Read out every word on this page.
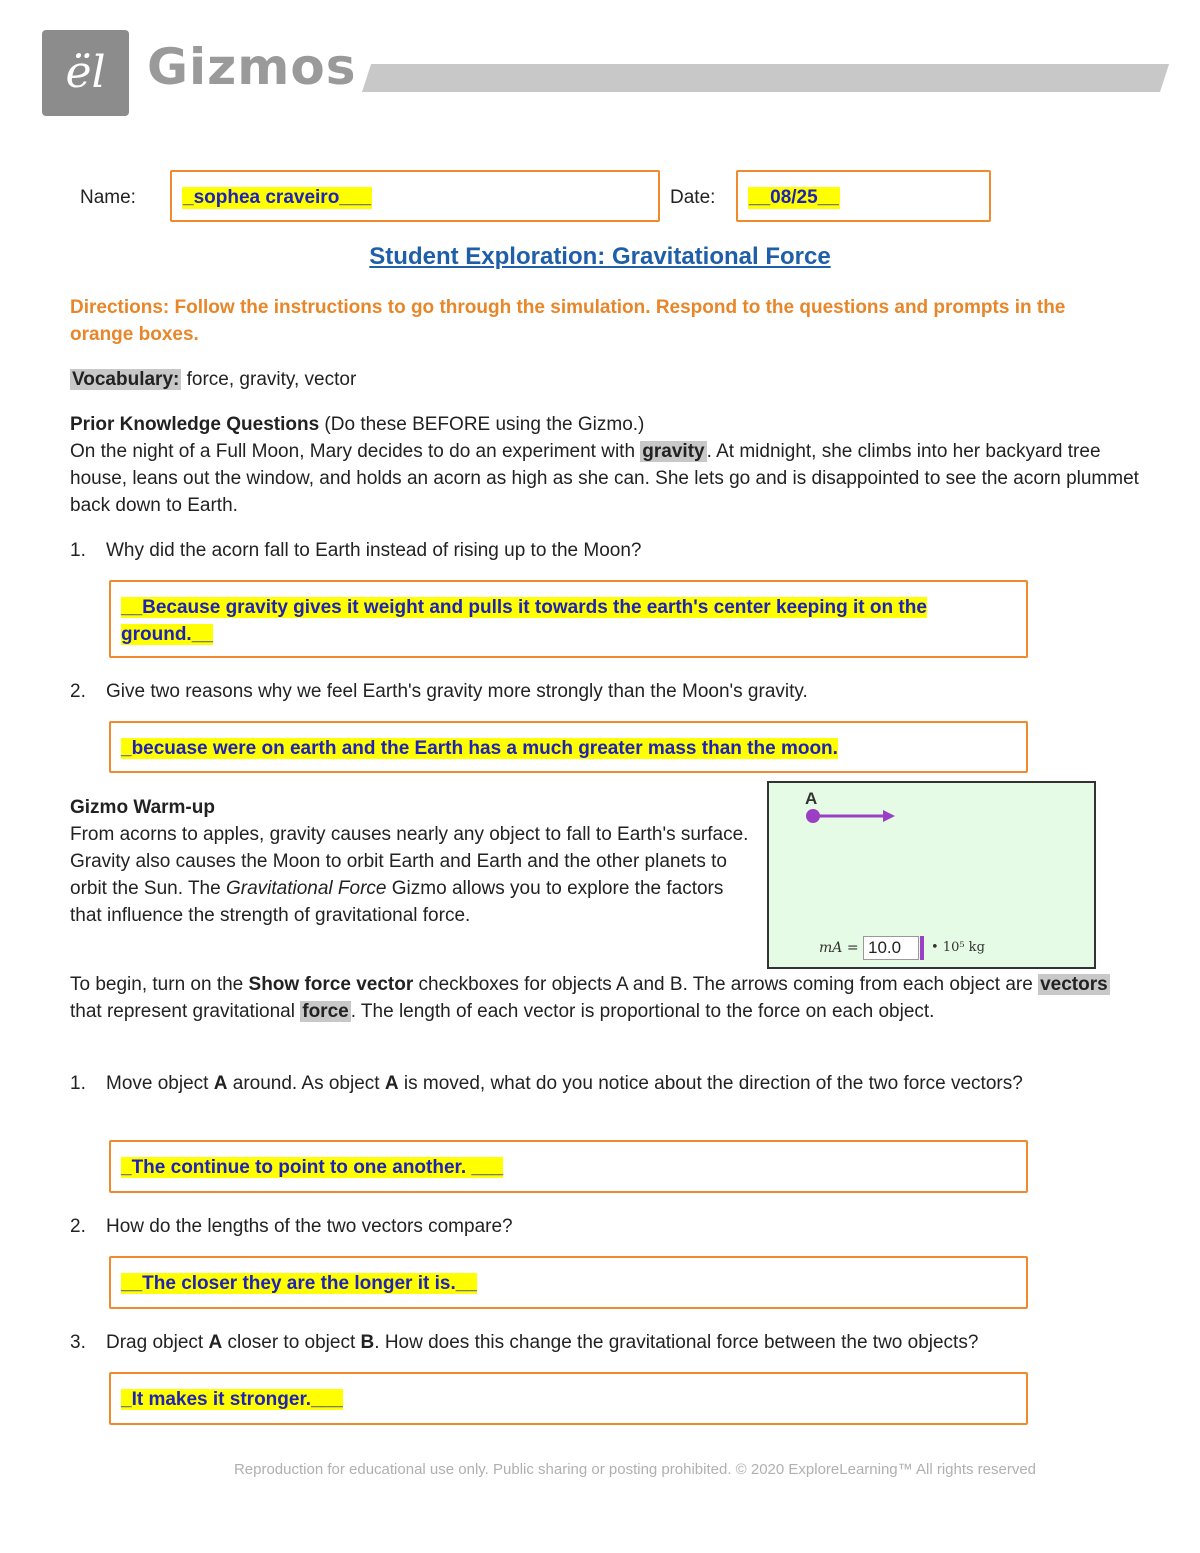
ël Gizmos
Name: _sophea craveiro___	Date: __08/25__
Student Exploration: Gravitational Force
Directions: Follow the instructions to go through the simulation. Respond to the questions and prompts in the orange boxes.
Vocabulary: force, gravity, vector
Prior Knowledge Questions (Do these BEFORE using the Gizmo.)
On the night of a Full Moon, Mary decides to do an experiment with gravity . At midnight, she climbs into her backyard tree house, leans out the window, and holds an acorn as high as she can. She lets go and is disappointed to see the acorn plummet back down to Earth.
1. Why did the acorn fall to Earth instead of rising up to the Moon?
__Because gravity gives it weight and pulls it towards the earth's center keeping it on the ground.__
2. Give two reasons why we feel Earth's gravity more strongly than the Moon's gravity.
_becuase were on earth and the Earth has a much greater mass than the moon.
Gizmo Warm-up
From acorns to apples, gravity causes nearly any object to fall to Earth's surface. Gravity also causes the Moon to orbit Earth and Earth and the other planets to orbit the Sun. The Gravitational Force Gizmo allows you to explore the factors that influence the strength of gravitational force.
A
mA = 10.0	• 10⁵ kg
To begin, turn on the Show force vector checkboxes for objects A and B. The arrows coming from each object are vectors that represent gravitational force . The length of each vector is proportional to the force on each object.
1. Move object A around. As object A is moved, what do you notice about the direction of the two force vectors?
_The continue to point to one another. ___
2. How do the lengths of the two vectors compare?
__The closer they are the longer it is.__
3. Drag object A closer to object B. How does this change the gravitational force between the two objects?
_It makes it stronger.___
Reproduction for educational use only. Public sharing or posting prohibited. © 2020 ExploreLearning™ All rights reserved
